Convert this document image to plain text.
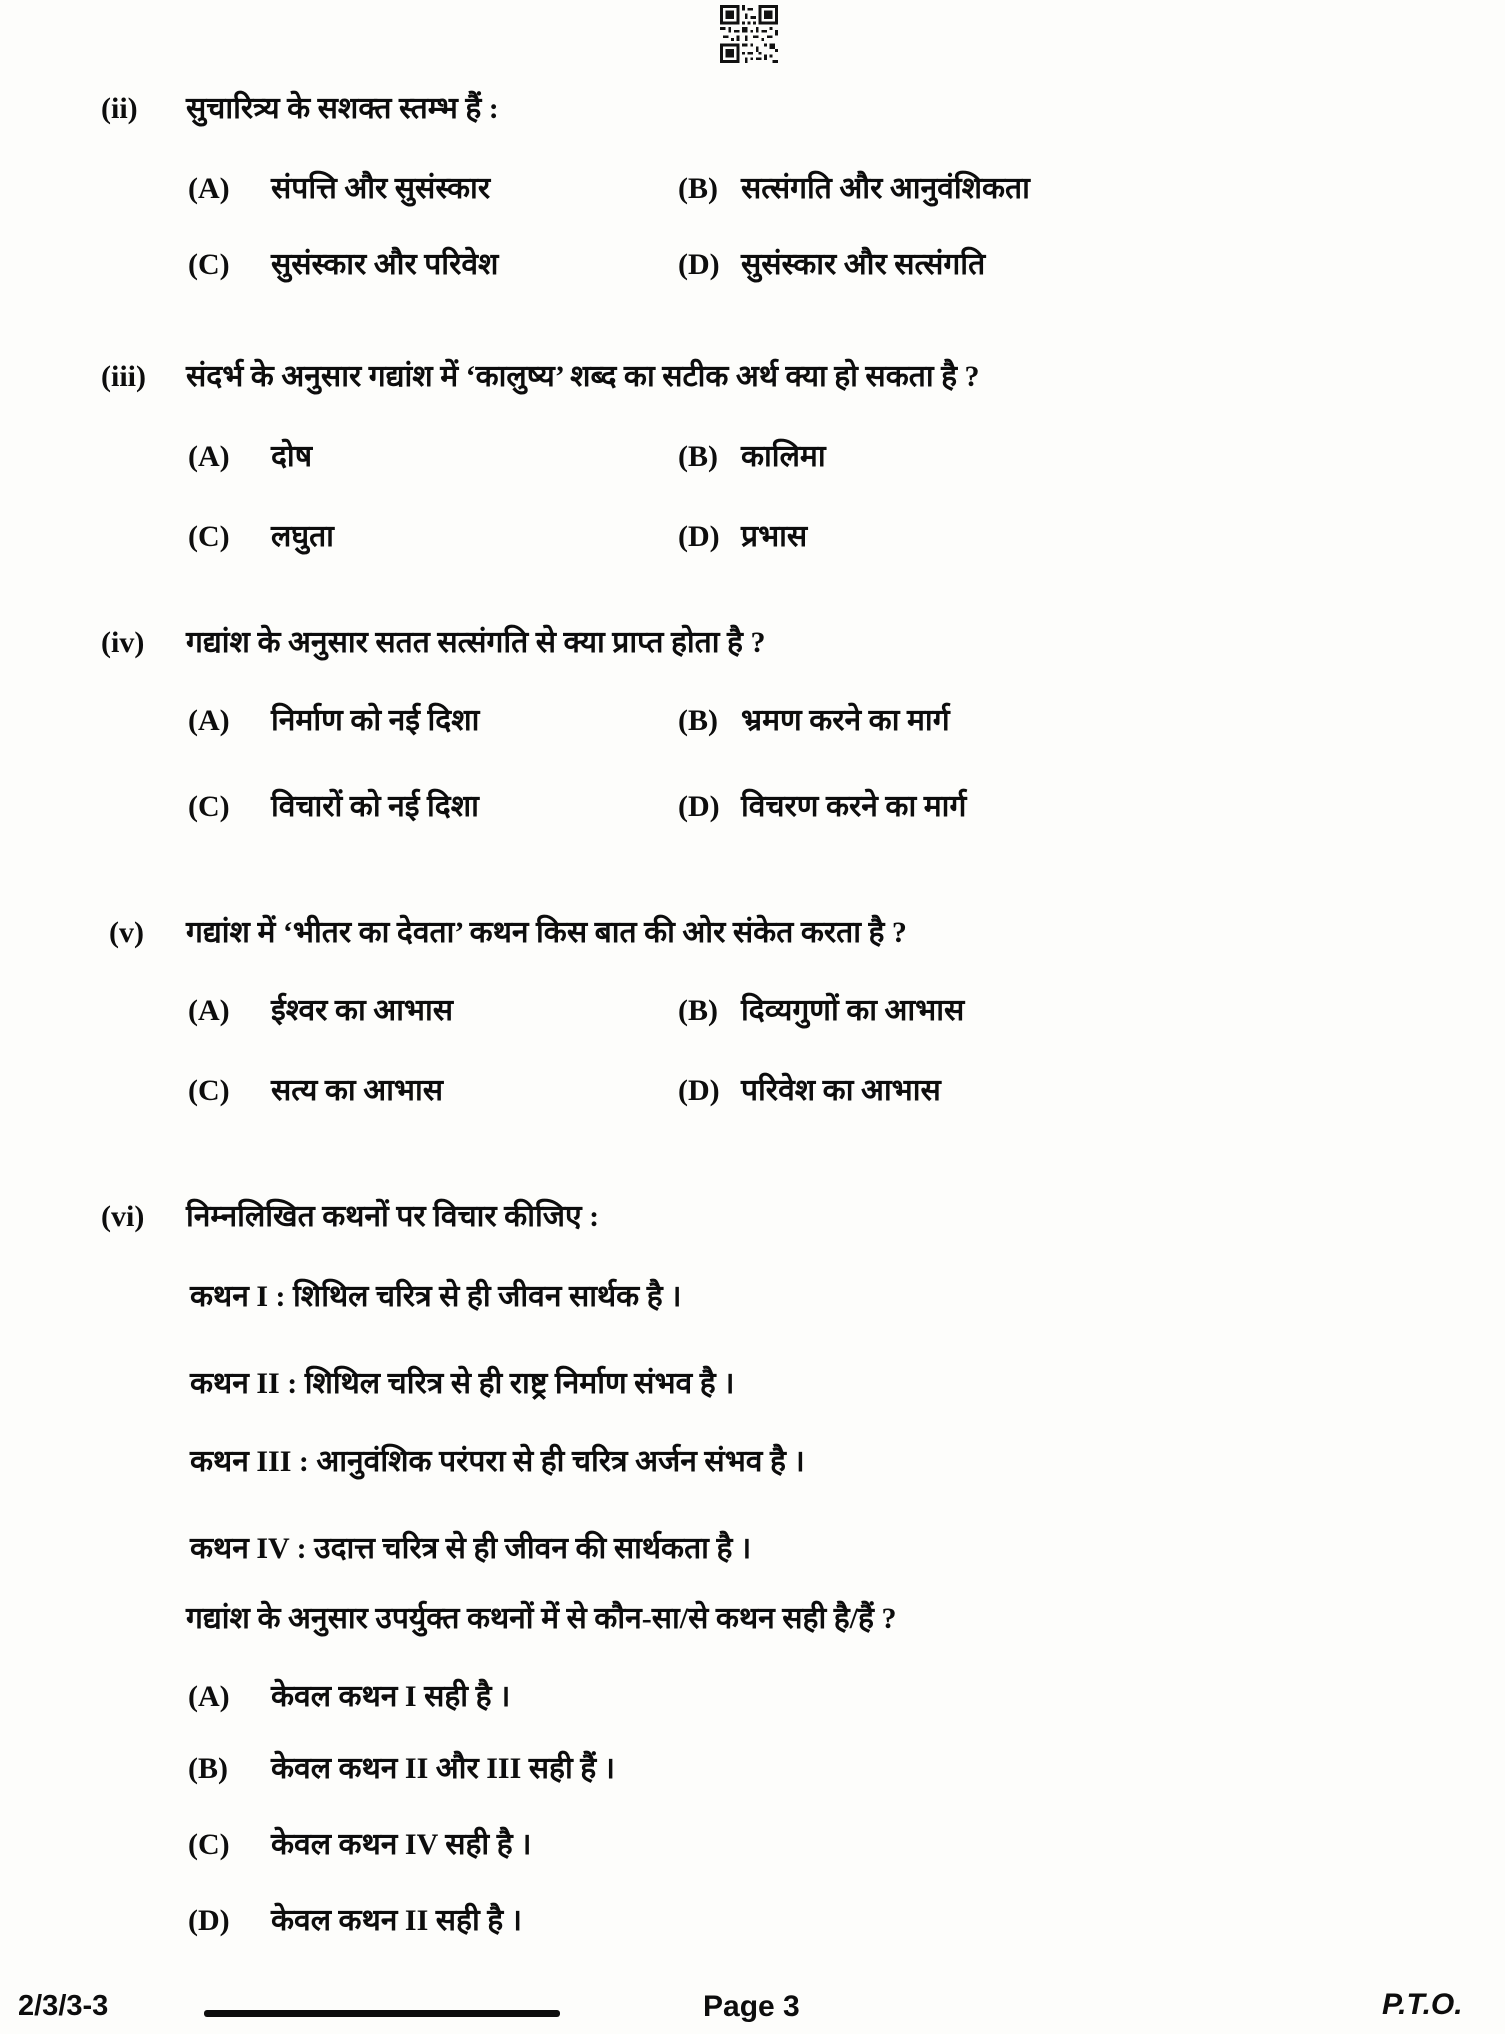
(ii) सुचारित्र्य के सशक्त स्तम्भ हैं :
(A) संपत्ति और सुसंस्कार	(B) सत्संगति और आनुवंशिकता
(C) सुसंस्कार और परिवेश	(D) सुसंस्कार और सत्संगति
(iii) संदर्भ के अनुसार गद्यांश में ‘कालुष्य’ शब्द का सटीक अर्थ क्या हो सकता है ?
(A) दोष	(B) कालिमा
(C) लघुता	(D) प्रभास
(iv) गद्यांश के अनुसार सतत सत्संगति से क्या प्राप्त होता है ?
(A) निर्माण को नई दिशा	(B) भ्रमण करने का मार्ग
(C) विचारों को नई दिशा	(D) विचरण करने का मार्ग
(v) गद्यांश में ‘भीतर का देवता’ कथन किस बात की ओर संकेत करता है ?
(A) ईश्वर का आभास	(B) दिव्यगुणों का आभास
(C) सत्य का आभास	(D) परिवेश का आभास
(vi) निम्नलिखित कथनों पर विचार कीजिए :
कथन I : शिथिल चरित्र से ही जीवन सार्थक है ।
कथन II : शिथिल चरित्र से ही राष्ट्र निर्माण संभव है ।
कथन III : आनुवंशिक परंपरा से ही चरित्र अर्जन संभव है ।
कथन IV : उदात्त चरित्र से ही जीवन की सार्थकता है ।
गद्यांश के अनुसार उपर्युक्त कथनों में से कौन-सा/से कथन सही है/हैं ?
(A) केवल कथन I सही है ।
(B) केवल कथन II और III सही हैं ।
(C) केवल कथन IV सही है ।
(D) केवल कथन II सही है ।
2/3/3-3	Page 3	P.T.O.
